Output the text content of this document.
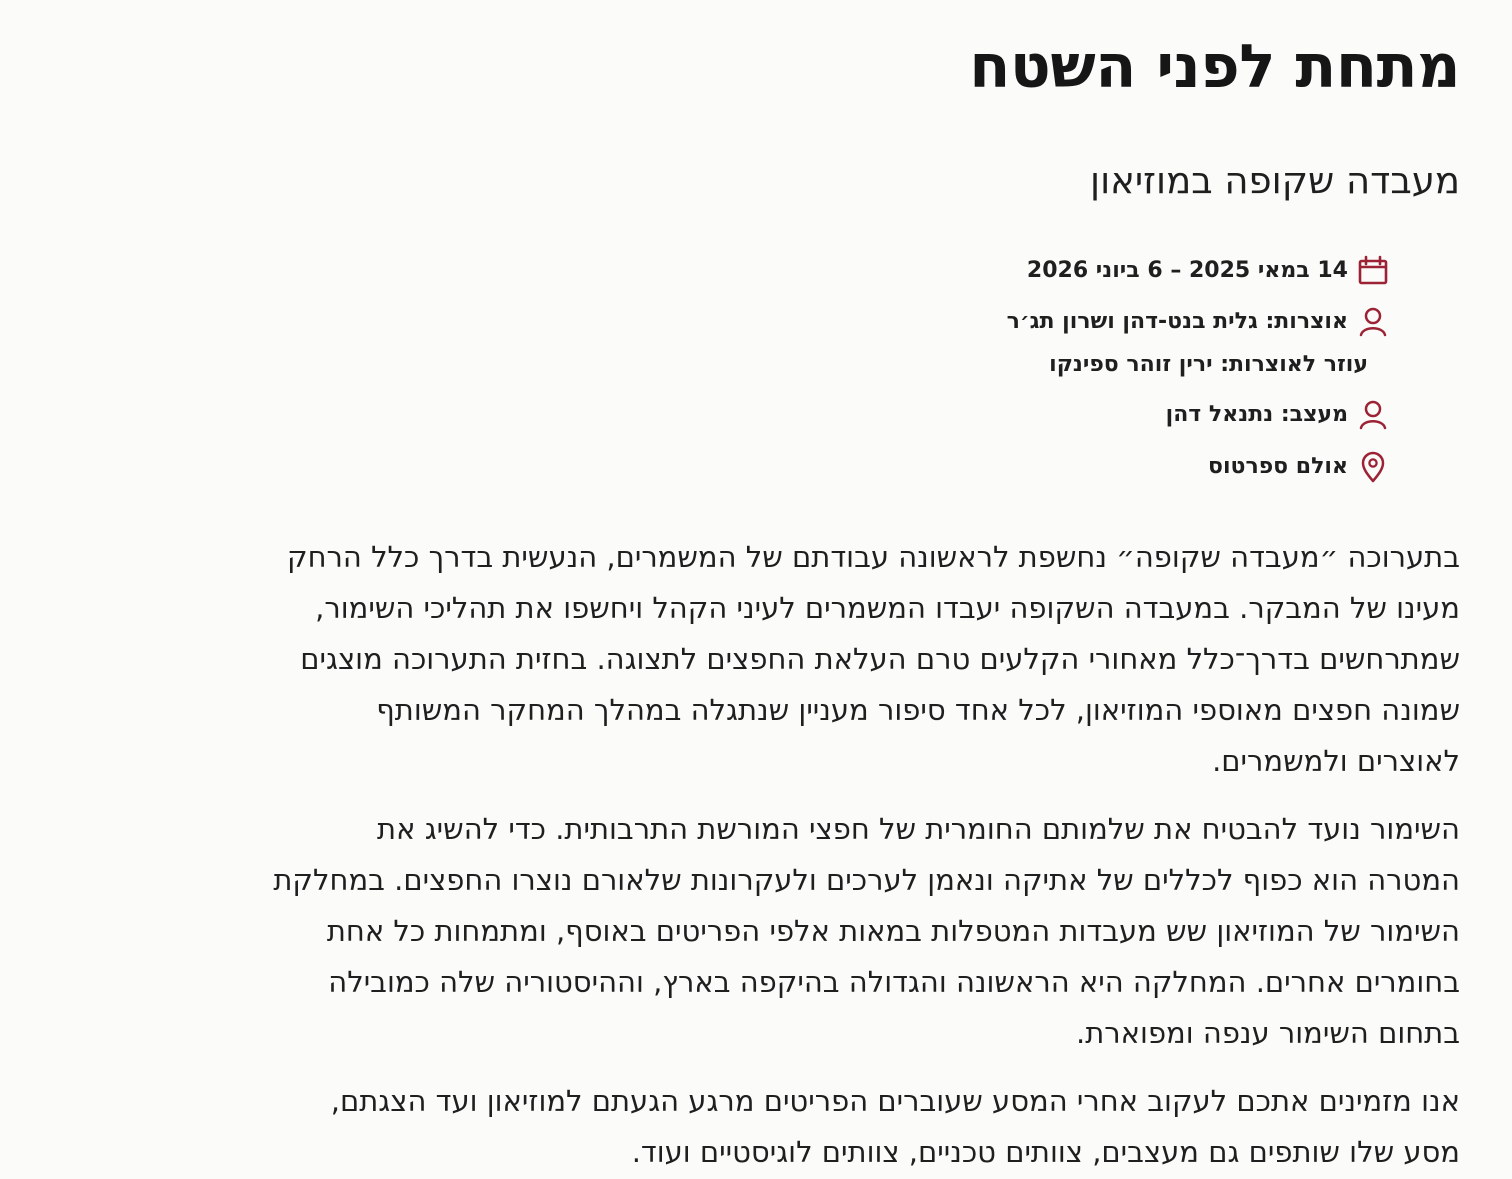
מתחת לפני השטח
מעבדה שקופה במוזיאון
14 במאי 2025 – 6 ביוני 2026
אוצרות: גלית בנט-דהן ושרון תג׳ר
עוזר לאוצרות: ירין זוהר ספינקו
מעצב: נתנאל דהן
אולם ספרטוס
בתערוכה ״מעבדה שקופה״ נחשפת לראשונה עבודתם של המשמרים, הנעשית בדרך כלל הרחק
מעינו של המבקר. במעבדה השקופה יעבדו המשמרים לעיני הקהל ויחשפו את תהליכי השימור,
שמתרחשים בדרך־כלל מאחורי הקלעים טרם העלאת החפצים לתצוגה. בחזית התערוכה מוצגים
שמונה חפצים מאוספי המוזיאון, לכל אחד סיפור מעניין שנתגלה במהלך המחקר המשותף
לאוצרים ולמשמרים.
השימור נועד להבטיח את שלמותם החומרית של חפצי המורשת התרבותית. כדי להשיג את
המטרה הוא כפוף לכללים של אתיקה ונאמן לערכים ולעקרונות שלאורם נוצרו החפצים. במחלקת
השימור של המוזיאון שש מעבדות המטפלות במאות אלפי הפריטים באוסף, ומתמחות כל אחת
בחומרים אחרים. המחלקה היא הראשונה והגדולה בהיקפה בארץ, וההיסטוריה שלה כמובילה
בתחום השימור ענפה ומפוארת.
אנו מזמינים אתכם לעקוב אחרי המסע שעוברים הפריטים מרגע הגעתם למוזיאון ועד הצגתם,
מסע שלו שותפים גם מעצבים, צוותים טכניים, צוותים לוגיסטיים ועוד.
